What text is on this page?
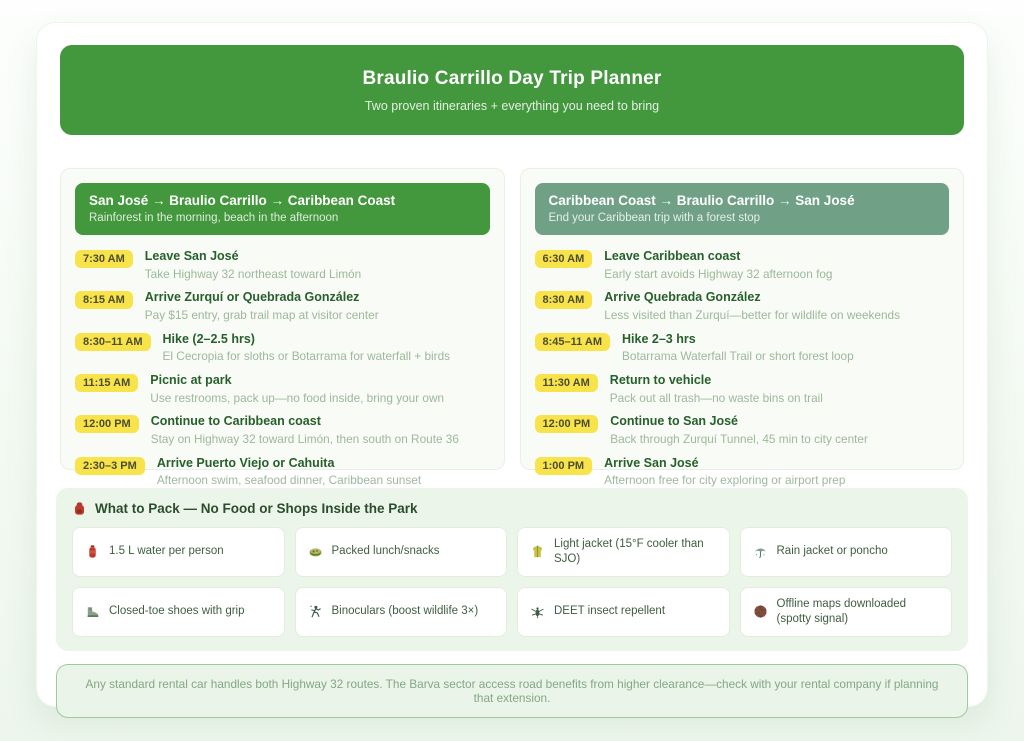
Braulio Carrillo Day Trip Planner
Two proven itineraries + everything you need to bring
San José → Braulio Carrillo → Caribbean Coast
Rainforest in the morning, beach in the afternoon
7:30 AM	Leave San José
Take Highway 32 northeast toward Limón
8:15 AM	Arrive Zurquí or Quebrada González
Pay $15 entry, grab trail map at visitor center
8:30–11 AM	Hike (2–2.5 hrs)
El Cecropia for sloths or Botarrama for waterfall + birds
11:15 AM	Picnic at park
Use restrooms, pack up—no food inside, bring your own
12:00 PM	Continue to Caribbean coast
Stay on Highway 32 toward Limón, then south on Route 36
2:30–3 PM	Arrive Puerto Viejo or Cahuita
Afternoon swim, seafood dinner, Caribbean sunset
Caribbean Coast → Braulio Carrillo → San José
End your Caribbean trip with a forest stop
6:30 AM	Leave Caribbean coast
Early start avoids Highway 32 afternoon fog
8:30 AM	Arrive Quebrada González
Less visited than Zurquí—better for wildlife on weekends
8:45–11 AM	Hike 2–3 hrs
Botarrama Waterfall Trail or short forest loop
11:30 AM	Return to vehicle
Pack out all trash—no waste bins on trail
12:00 PM	Continue to San José
Back through Zurquí Tunnel, 45 min to city center
1:00 PM	Arrive San José
Afternoon free for city exploring or airport prep
What to Pack — No Food or Shops Inside the Park
1.5 L water per person	Packed lunch/snacks
Light jacket (15°F cooler than SJO)
Rain jacket or poncho
Closed-toe shoes with grip	Binoculars (boost wildlife 3×)	DEET insect repellent
Offline maps downloaded (spotty signal)
Any standard rental car handles both Highway 32 routes. The Barva sector access road benefits from higher clearance—check with your rental company if planning that extension.
